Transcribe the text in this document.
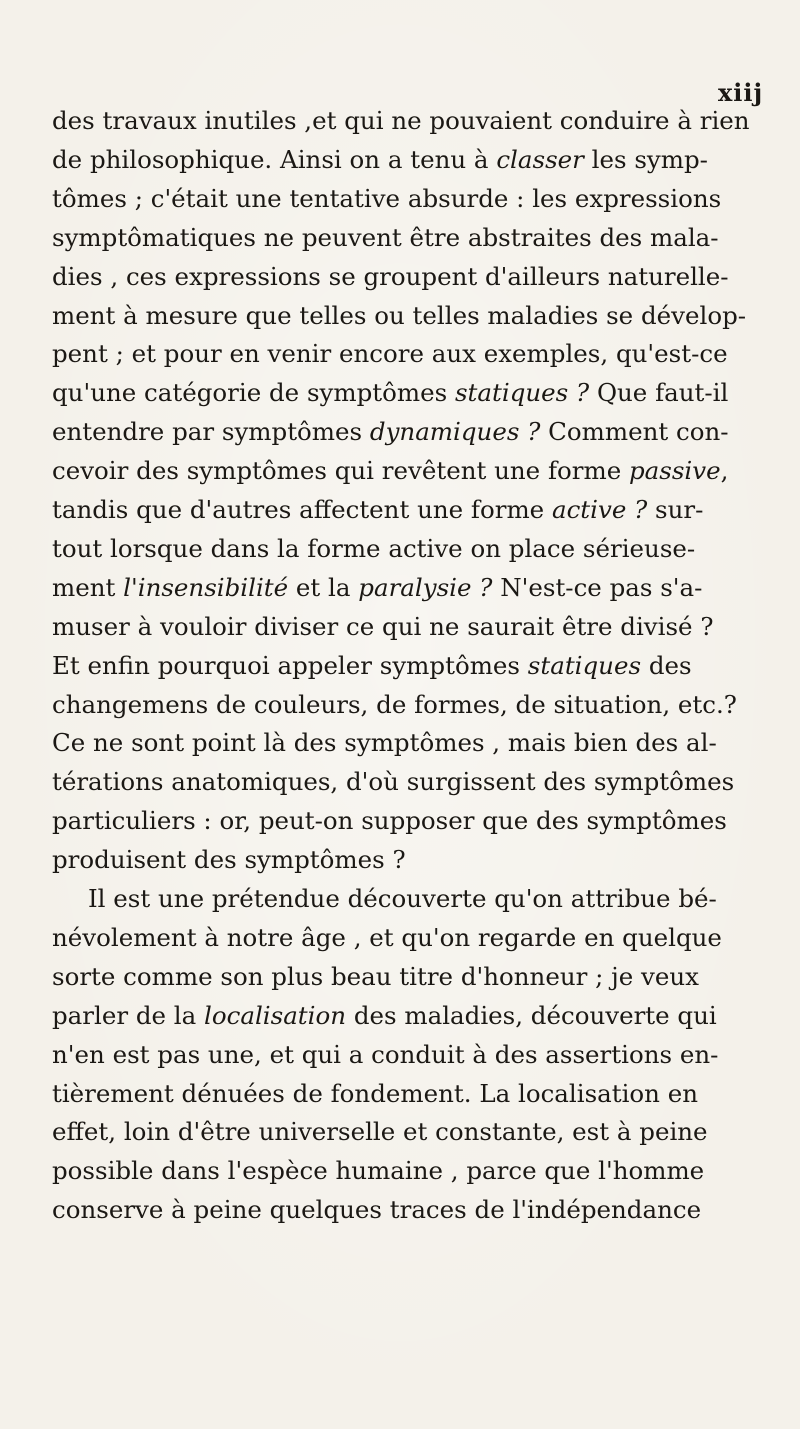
xiij
des travaux inutiles ,et qui ne pouvaient conduire à rien
de philosophique. Ainsi on a tenu à classer les symp-
tômes ; c'était une tentative absurde : les expressions
symptômatiques ne peuvent être abstraites des mala-
dies , ces expressions se groupent d'ailleurs naturelle-
ment à mesure que telles ou telles maladies se dévelop-
pent ; et pour en venir encore aux exemples, qu'est-ce
qu'une catégorie de symptômes statiques ? Que faut-il
entendre par symptômes dynamiques ? Comment con-
cevoir des symptômes qui revêtent une forme passive,
tandis que d'autres affectent une forme active ? sur-
tout lorsque dans la forme active on place sérieuse-
ment l'insensibilité et la paralysie ? N'est-ce pas s'a-
muser à vouloir diviser ce qui ne saurait être divisé ?
Et enfin pourquoi appeler symptômes statiques des
changemens de couleurs, de formes, de situation, etc.?
Ce ne sont point là des symptômes , mais bien des al-
térations anatomiques, d'où surgissent des symptômes
particuliers : or, peut-on supposer que des symptômes
produisent des symptômes ?
Il est une prétendue découverte qu'on attribue bé-
névolement à notre âge , et qu'on regarde en quelque
sorte comme son plus beau titre d'honneur ; je veux
parler de la localisation des maladies, découverte qui
n'en est pas une, et qui a conduit à des assertions en-
tièrement dénuées de fondement. La localisation en
effet, loin d'être universelle et constante, est à peine
possible dans l'espèce humaine , parce que l'homme
conserve à peine quelques traces de l'indépendance
